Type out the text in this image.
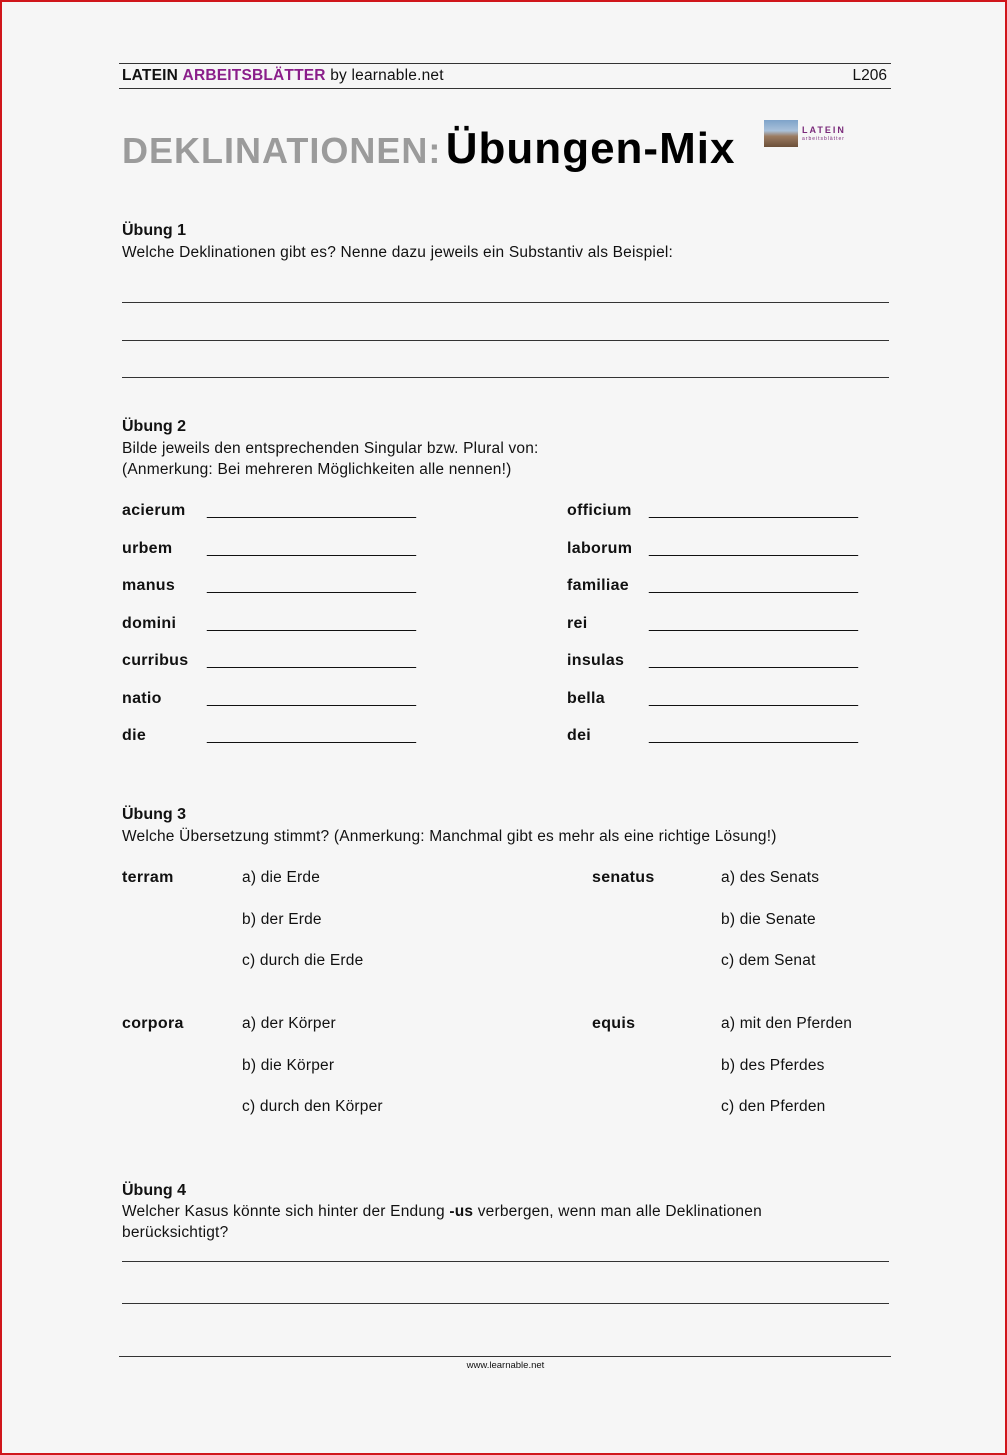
LATEIN ARBEITSBLÄTTER by learnable.net	L206
DEKLINATIONEN: Übungen-Mix	LATEIN
arbeitsblätter
Übung 1
Welche Deklinationen gibt es? Nenne dazu jeweils ein Substantiv als Beispiel:
Übung 2
Bilde jeweils den entsprechenden Singular bzw. Plural von:
(Anmerkung: Bei mehreren Möglichkeiten alle nennen!)
acierum ________________________
urbem ________________________
manus ________________________
domini ________________________
curribus ________________________
natio	________________________
die	________________________
officium ________________________
laborum ________________________
familiae ________________________
rei	________________________
insulas ________________________
bella	________________________
dei	________________________
Übung 3
Welche Übersetzung stimmt? (Anmerkung: Manchmal gibt es mehr als eine richtige Lösung!)
terram	a) die Erde
b) der Erde
c) durch die Erde
senatus	a) des Senats
b) die Senate
c) dem Senat
corpora	a) der Körper
b) die Körper
c) durch den Körper
equis	a) mit den Pferden
b) des Pferdes
c) den Pferden
Übung 4
Welcher Kasus könnte sich hinter der Endung -us verbergen, wenn man alle Deklinationen
berücksichtigt?
www.learnable.net
